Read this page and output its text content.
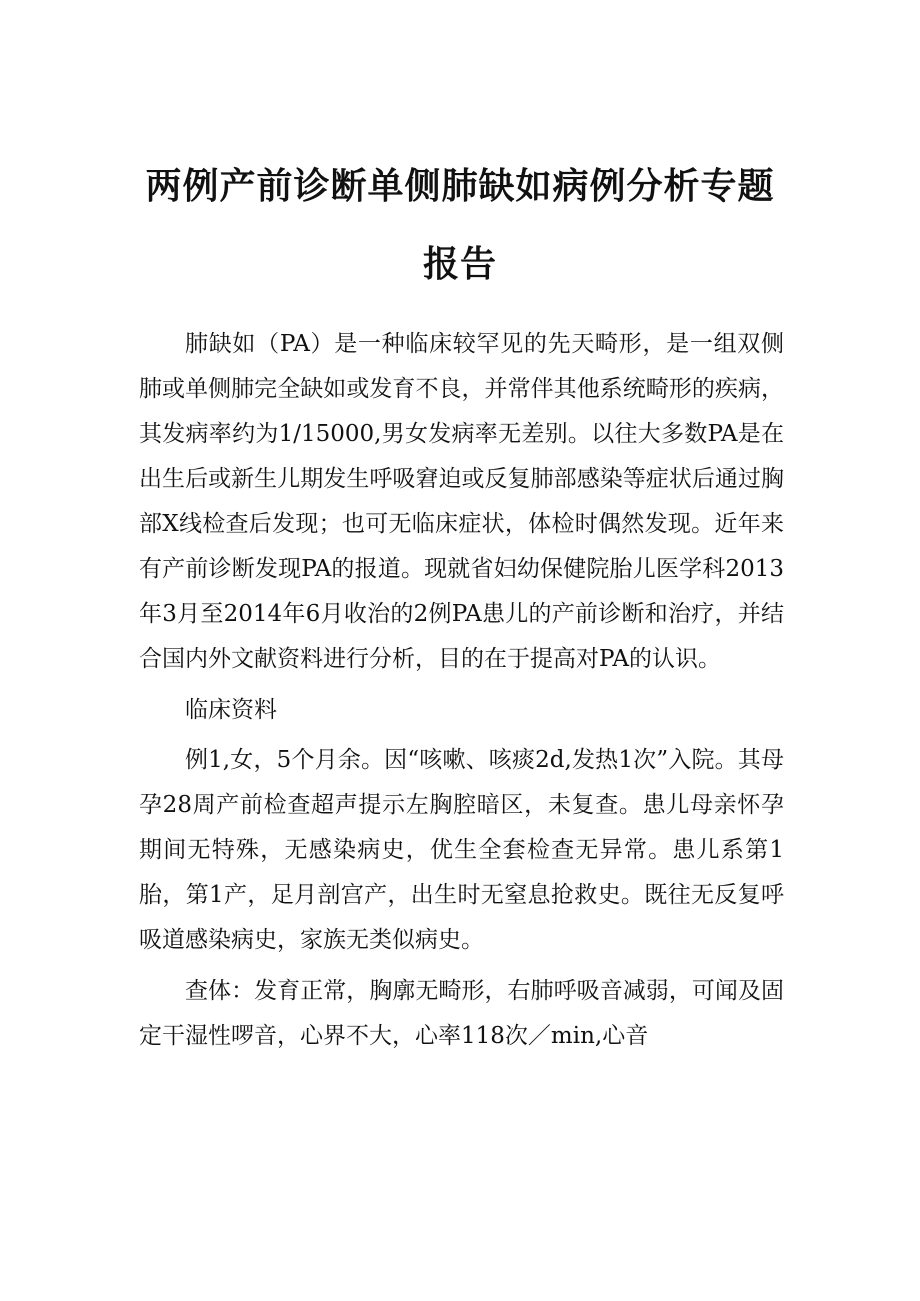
两例产前诊断单侧肺缺如病例分析专题
报告

肺缺如（PA）是一种临床较罕见的先天畸形，是一组双侧肺或单侧肺完全缺如或发育不良，并常伴其他系统畸形的疾病，其发病率约为1/15000,男女发病率无差别。以往大多数PA是在出生后或新生儿期发生呼吸窘迫或反复肺部感染等症状后通过胸部X线检查后发现；也可无临床症状，体检时偶然发现。近年来有产前诊断发现PA的报道。现就省妇幼保健院胎儿医学科2013年3月至2014年6月收治的2例PA患儿的产前诊断和治疗，并结合国内外文献资料进行分析，目的在于提高对PA的认识。

临床资料

例1,女，5个月余。因“咳嗽、咳痰2d,发热1次”入院。其母孕28周产前检查超声提示左胸腔暗区，未复查。患儿母亲怀孕期间无特殊，无感染病史，优生全套检查无异常。患儿系第1胎，第1产，足月剖宫产，出生时无窒息抢救史。既往无反复呼吸道感染病史，家族无类似病史。

查体：发育正常，胸廓无畸形，右肺呼吸音减弱，可闻及固定干湿性啰音，心界不大，心率118次／min,心音
